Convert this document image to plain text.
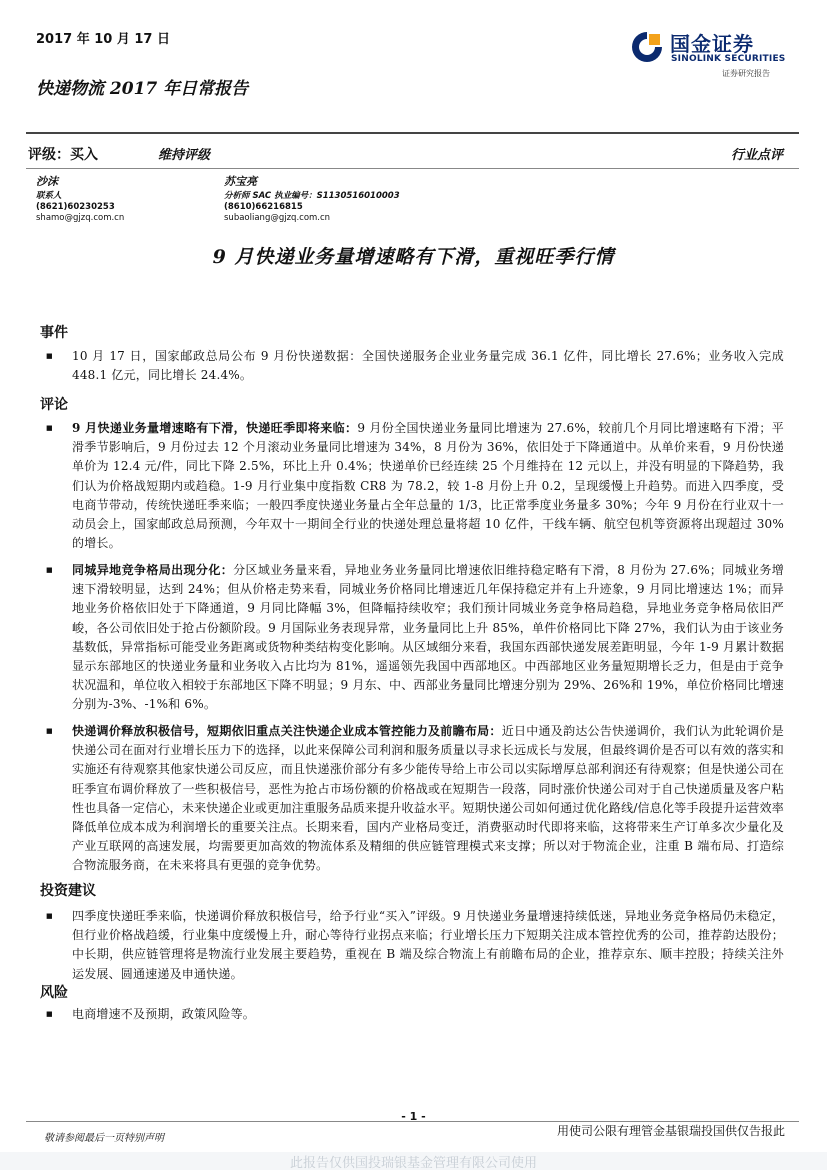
2017 年 10 月 17 日
快递物流 2017 年日常报告
国金证券
SINOLINK SECURITIES
证券研究报告
评级：买入	维持评级	行业点评
沙沫
联系人
(8621)60230253
shamo@gjzq.com.cn
苏宝亮
分析师 SAC 执业编号：S1130516010003
(8610)66216815
subaoliang@gjzq.com.cn
9 月快递业务量增速略有下滑，重视旺季行情
事件
■ 10 月 17 日，国家邮政总局公布 9 月份快递数据：全国快递服务企业业务量完成 36.1 亿件，同比增长 27.6%；业务收入完成 448.1 亿元，同比增长 24.4%。
评论
■ 9 月快递业务量增速略有下滑，快递旺季即将来临：9 月份全国快递业务量同比增速为 27.6%，较前几个月同比增速略有下滑；平滑季节影响后，9 月份过去 12 个月滚动业务量同比增速为 34%，8 月份为 36%，依旧处于下降通道中。从单价来看，9 月份快递单价为 12.4 元/件，同比下降 2.5%，环比上升 0.4%；快递单价已经连续 25 个月维持在 12 元以上，并没有明显的下降趋势，我们认为价格战短期内或趋稳。1-9 月行业集中度指数 CR8 为 78.2，较 1-8 月份上升 0.2，呈现缓慢上升趋势。而进入四季度，受电商节带动，传统快递旺季来临；一般四季度快递业务量占全年总量的 1/3，比正常季度业务量多 30%；今年 9 月份在行业双十一动员会上，国家邮政总局预测，今年双十一期间全行业的快递处理总量将超 10 亿件，干线车辆、航空包机等资源将出现超过 30%的增长。
■ 同城异地竞争格局出现分化：分区域业务量来看，异地业务业务量同比增速依旧维持稳定略有下滑，8 月份为 27.6%；同城业务增速下滑较明显，达到 24%；但从价格走势来看，同城业务价格同比增速近几年保持稳定并有上升迹象，9 月同比增速达 1%；而异地业务价格依旧处于下降通道，9 月同比降幅 3%，但降幅持续收窄；我们预计同城业务竞争格局趋稳，异地业务竞争格局依旧严峻，各公司依旧处于抢占份额阶段。9 月国际业务表现异常，业务量同比上升 85%，单件价格同比下降 27%，我们认为由于该业务基数低，异常指标可能受业务距离或货物种类结构变化影响。从区域细分来看，我国东西部快递发展差距明显，今年 1-9 月累计数据显示东部地区的快递业务量和业务收入占比均为 81%，遥遥领先我国中西部地区。中西部地区业务量短期增长乏力，但是由于竞争状况温和，单位收入相较于东部地区下降不明显；9 月东、中、西部业务量同比增速分别为 29%、26%和 19%，单位价格同比增速分别为-3%、-1%和 6%。
■ 快递调价释放积极信号，短期依旧重点关注快递企业成本管控能力及前瞻布局：近日中通及韵达公告快递调价，我们认为此轮调价是快递公司在面对行业增长压力下的选择，以此来保障公司利润和服务质量以寻求长远成长与发展，但最终调价是否可以有效的落实和实施还有待观察其他家快递公司反应，而且快递涨价部分有多少能传导给上市公司以实际增厚总部利润还有待观察；但是快递公司在旺季宣布调价释放了一些积极信号，恶性为抢占市场份额的价格战或在短期告一段落，同时涨价快递公司对于自己快递质量及客户粘性也具备一定信心，未来快递企业或更加注重服务品质来提升收益水平。短期快递公司如何通过优化路线/信息化等手段提升运营效率降低单位成本成为利润增长的重要关注点。长期来看，国内产业格局变迁，消费驱动时代即将来临，这将带来生产订单多次少量化及产业互联网的高速发展，均需要更加高效的物流体系及精细的供应链管理模式来支撑；所以对于物流企业，注重 B 端布局、打造综合物流服务商，在未来将具有更强的竞争优势。
投资建议
■ 四季度快递旺季来临，快递调价释放积极信号，给予行业“买入”评级。9 月快递业务量增速持续低迷，异地业务竞争格局仍未稳定，但行业价格战趋缓，行业集中度缓慢上升，耐心等待行业拐点来临；行业增长压力下短期关注成本管控优秀的公司，推荐韵达股份；中长期，供应链管理将是物流行业发展主要趋势，重视在 B 端及综合物流上有前瞻布局的企业，推荐京东、顺丰控股；持续关注外运发展、圆通速递及申通快递。
风险
■ 电商增速不及预期，政策风险等。
- 1 -
敬请参阅最后一页特别声明
用使司公限有理管金基银瑞投国供仅告报此
此报告仅供国投瑞银基金管理有限公司使用
